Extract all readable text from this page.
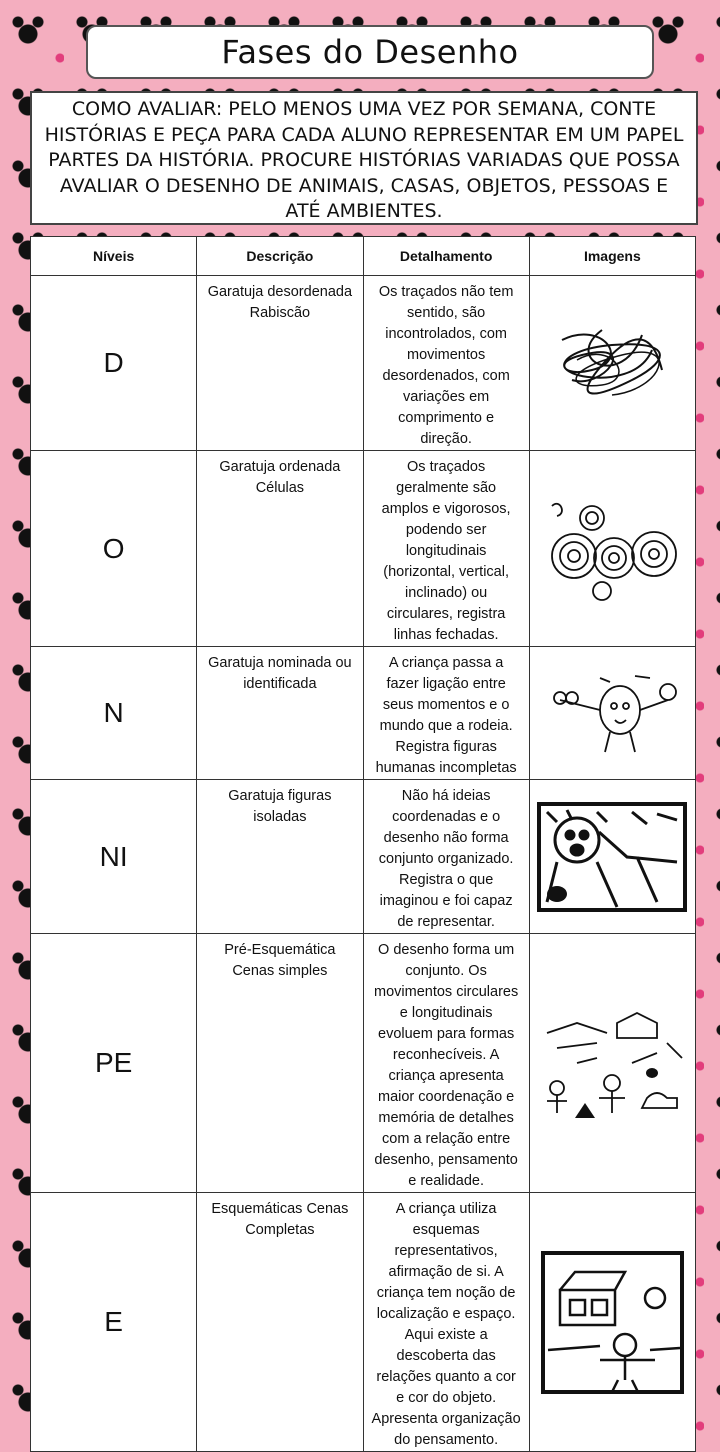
Fases do Desenho
COMO AVALIAR: PELO MENOS UMA VEZ POR SEMANA, CONTE HISTÓRIAS E PEÇA PARA CADA ALUNO REPRESENTAR EM UM PAPEL PARTES DA HISTÓRIA. PROCURE HISTÓRIAS VARIADAS QUE POSSA AVALIAR O DESENHO DE ANIMAIS, CASAS, OBJETOS, PESSOAS E ATÉ AMBIENTES.
Níveis	Descrição	Detalhamento	Imagens
D	Garatuja desordenada Rabiscão	Os traçados não tem sentido, são incontrolados, com movimentos desordenados, com variações em comprimento e direção.	

O	Garatuja ordenada Células	Os traçados geralmente são amplos e vigorosos, podendo ser longitudinais (horizontal, vertical, inclinado) ou circulares, registra linhas fechadas.	

N	Garatuja nominada ou identificada	A criança passa a fazer ligação entre seus momentos e o mundo que a rodeia. Registra figuras humanas incompletas	

NI	Garatuja figuras isoladas	Não há ideias coordenadas e o desenho não forma conjunto organizado. Registra o que imaginou e foi capaz de representar.	

PE	Pré-Esquemática Cenas simples	O desenho forma um conjunto. Os movimentos circulares e longitudinais evoluem para formas reconhecíveis. A criança apresenta maior coordenação e memória de detalhes com a relação entre desenho, pensamento e realidade.	

E	Esquemáticas Cenas Completas	A criança utiliza esquemas representativos, afirmação de si. A criança tem noção de localização e espaço. Aqui existe a descoberta das relações quanto a cor e cor do objeto. Apresenta organização do pensamento.	
